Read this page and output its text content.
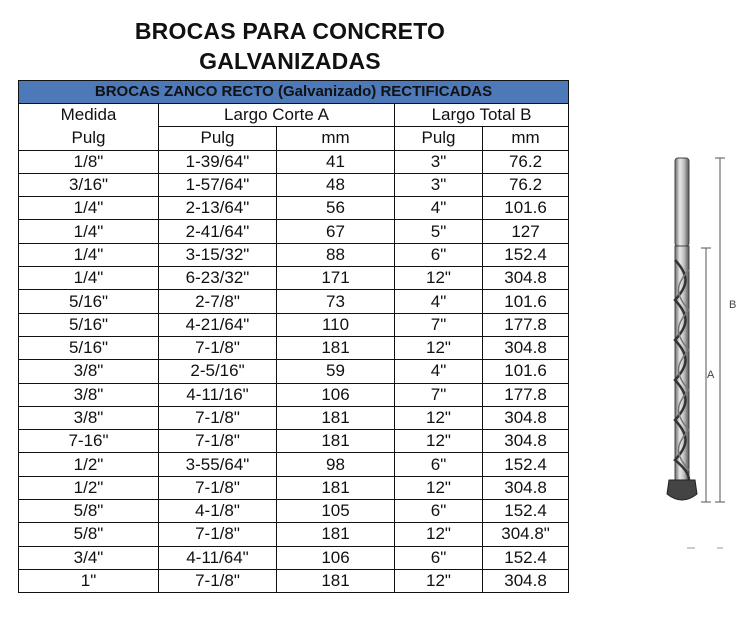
BROCAS PARA CONCRETO
GALVANIZADAS
BROCAS ZANCO RECTO (Galvanizado) RECTIFICADAS				
Medida	Largo Corte A		Largo Total B	
Pulg	Pulg	mm	Pulg	mm
1/8"	1-39/64"	41	3"	76.2
3/16"	1-57/64"	48	3"	76.2
1/4"	2-13/64"	56	4"	101.6
1/4"	2-41/64"	67	5"	127
1/4"	3-15/32"	88	6"	152.4
1/4"	6-23/32"	171	12"	304.8
5/16"	2-7/8"	73	4"	101.6
5/16"	4-21/64"	110	7"	177.8
5/16"	7-1/8"	181	12"	304.8
3/8"	2-5/16"	59	4"	101.6
3/8"	4-11/16"	106	7"	177.8
3/8"	7-1/8"	181	12"	304.8
7-16"	7-1/8"	181	12"	304.8
1/2"	3-55/64"	98	6"	152.4
1/2"	7-1/8"	181	12"	304.8
5/8"	4-1/8"	105	6"	152.4
5/8"	7-1/8"	181	12"	304.8"
3/4"	4-11/64"	106	6"	152.4
1"	7-1/8"	181	12"	304.8
B
A
